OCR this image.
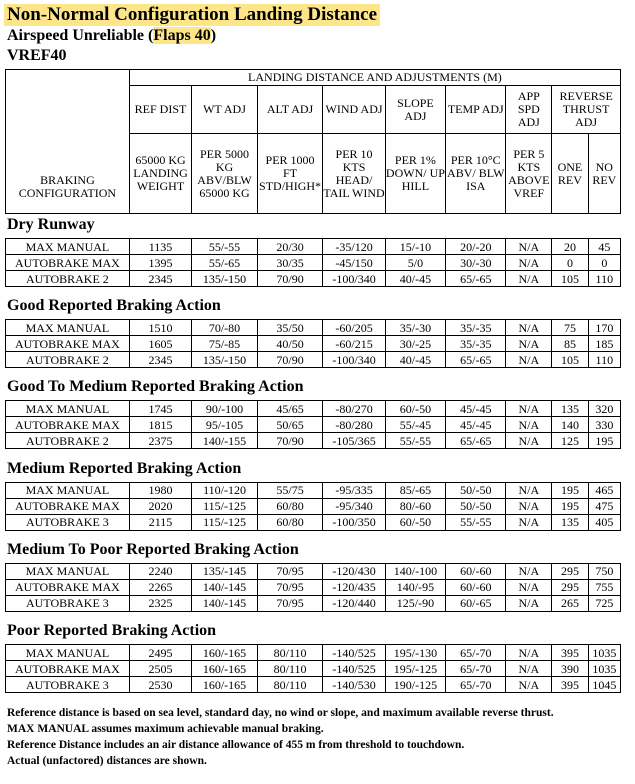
Non-Normal Configuration Landing Distance
Airspeed Unreliable (Flaps 40)
VREF40
BRAKING CONFIGURATION	LANDING DISTANCE AND ADJUSTMENTS (M)								
	REF DIST	WT ADJ	ALT ADJ	WIND ADJ	SLOPE ADJ	TEMP ADJ	APP SPD ADJ	REVERSE THRUST ADJ	
	65000 KG LANDING WEIGHT	PER 5000 KG ABV/BLW 65000 KG	PER 1000 FT STD/HIGH*	PER 10 KTS HEAD/ TAIL WIND	PER 1% DOWN/ UP HILL	PER 10°C ABV/ BLW ISA	PER 5 KTS ABOVE VREF	ONE REV	NO REV
Dry Runway
MAX MANUAL	1135	55/-55	20/30	-35/120	15/-10	20/-20	N/A	20	45
AUTOBRAKE MAX	1395	55/-65	30/35	-45/150	5/0	30/-30	N/A	0	0
AUTOBRAKE 2	2345	135/-150	70/90	-100/340	40/-45	65/-65	N/A	105	110
Good Reported Braking Action
MAX MANUAL	1510	70/-80	35/50	-60/205	35/-30	35/-35	N/A	75	170
AUTOBRAKE MAX	1605	75/-85	40/50	-60/215	30/-25	35/-35	N/A	85	185
AUTOBRAKE 2	2345	135/-150	70/90	-100/340	40/-45	65/-65	N/A	105	110
Good To Medium Reported Braking Action
MAX MANUAL	1745	90/-100	45/65	-80/270	60/-50	45/-45	N/A	135	320
AUTOBRAKE MAX	1815	95/-105	50/65	-80/280	55/-45	45/-45	N/A	140	330
AUTOBRAKE 2	2375	140/-155	70/90	-105/365	55/-55	65/-65	N/A	125	195
Medium Reported Braking Action
MAX MANUAL	1980	110/-120	55/75	-95/335	85/-65	50/-50	N/A	195	465
AUTOBRAKE MAX	2020	115/-125	60/80	-95/340	80/-60	50/-50	N/A	195	475
AUTOBRAKE 3	2115	115/-125	60/80	-100/350	60/-50	55/-55	N/A	135	405
Medium To Poor Reported Braking Action
MAX MANUAL	2240	135/-145	70/95	-120/430	140/-100	60/-60	N/A	295	750
AUTOBRAKE MAX	2265	140/-145	70/95	-120/435	140/-95	60/-60	N/A	295	755
AUTOBRAKE 3	2325	140/-145	70/95	-120/440	125/-90	60/-65	N/A	265	725
Poor Reported Braking Action
MAX MANUAL	2495	160/-165	80/110	-140/525	195/-130	65/-70	N/A	395	1035
AUTOBRAKE MAX	2505	160/-165	80/110	-140/525	195/-125	65/-70	N/A	390	1035
AUTOBRAKE 3	2530	160/-165	80/110	-140/530	190/-125	65/-70	N/A	395	1045

Reference distance is based on sea level, standard day, no wind or slope, and maximum available reverse thrust.

MAX MANUAL assumes maximum achievable manual braking.

Reference Distance includes an air distance allowance of 455 m from threshold to touchdown.

Actual (unfactored) distances are shown.
